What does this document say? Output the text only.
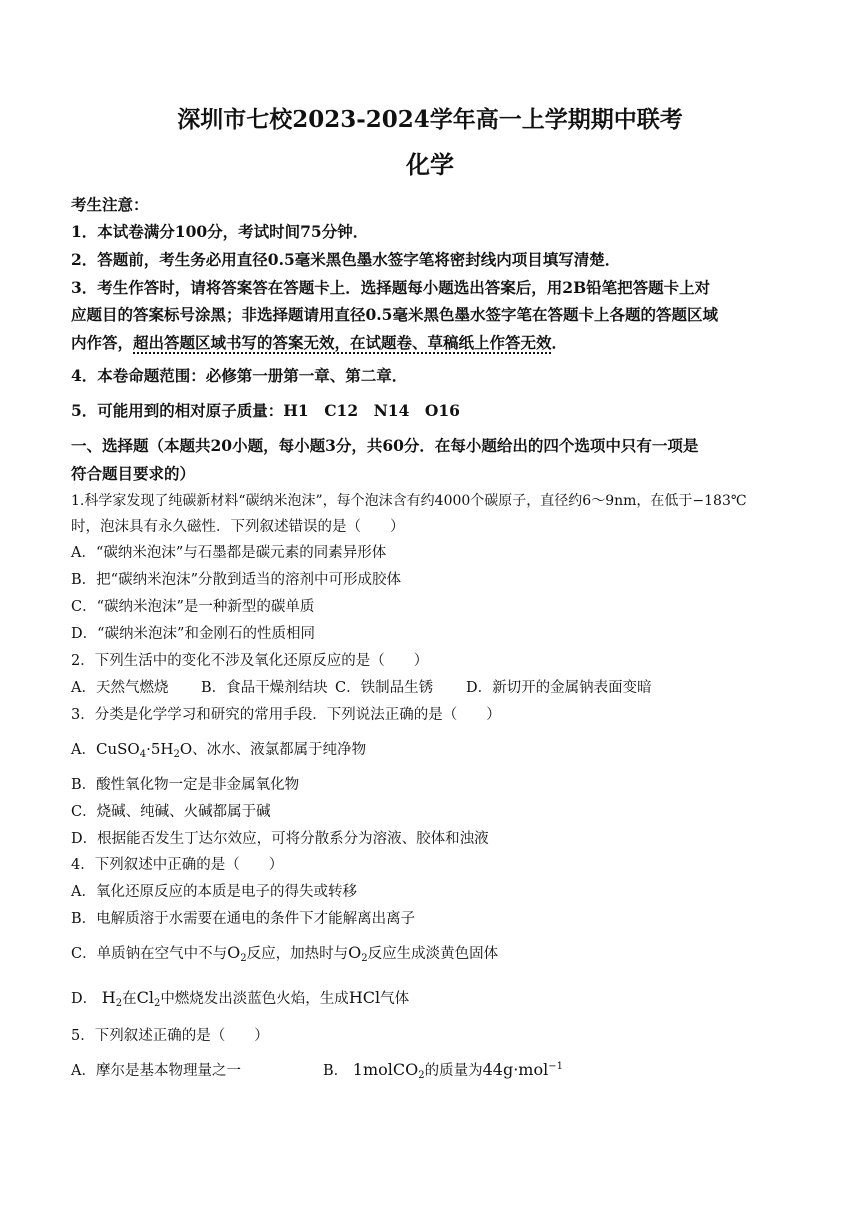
深圳市七校2023-2024学年高一上学期期中联考
化学
考生注意：
1．本试卷满分100分，考试时间75分钟．
2．答题前，考生务必用直径0.5毫米黑色墨水签字笔将密封线内项目填写清楚．
3．考生作答时，请将答案答在答题卡上．选择题每小题选出答案后，用2B铅笔把答题卡上对
应题目的答案标号涂黑；非选择题请用直径0.5毫米黑色墨水签字笔在答题卡上各题的答题区域
内作答，超出答题区域书写的答案无效，在试题卷、草稿纸上作答无效．
4．本卷命题范围：必修第一册第一章、第二章．
5．可能用到的相对原子质量：H1　C12　N14　O16
一、选择题（本题共20小题，每小题3分，共60分．在每小题给出的四个选项中只有一项是
符合题目要求的）
1.科学家发现了纯碳新材料“碳纳米泡沫”，每个泡沫含有约4000个碳原子，直径约6～9nm，在低于−183℃
时，泡沫具有永久磁性．下列叙述错误的是（　　）
A．“碳纳米泡沫”与石墨都是碳元素的同素异形体
B．把“碳纳米泡沫”分散到适当的溶剂中可形成胶体
C．“碳纳米泡沫”是一种新型的碳单质
D．“碳纳米泡沫”和金刚石的性质相同
2．下列生活中的变化不涉及氧化还原反应的是（　　）
A．天然气燃烧 B．食品干燥剂结块 C．铁制品生锈 D．新切开的金属钠表面变暗
3．分类是化学学习和研究的常用手段．下列说法正确的是（　　）
A．$CuSO_4\cdot 5H_2O$、冰水、液氯都属于纯净物
B．酸性氧化物一定是非金属氧化物
C．烧碱、纯碱、火碱都属于碱
D．根据能否发生丁达尔效应，可将分散系分为溶液、胶体和浊液
4．下列叙述中正确的是（　　）
A．氧化还原反应的本质是电子的得失或转移
B．电解质溶于水需要在通电的条件下才能解离出离子
C．单质钠在空气中不与$O_2$反应，加热时与$O_2$反应生成淡黄色固体
D． $H_2$在$Cl_2$中燃烧发出淡蓝色火焰，生成HCl气体
5．下列叙述正确的是（　　）
A．摩尔是基本物理量之一	B． 1molCO$_2$的质量为44g·mol$^{-1}$
